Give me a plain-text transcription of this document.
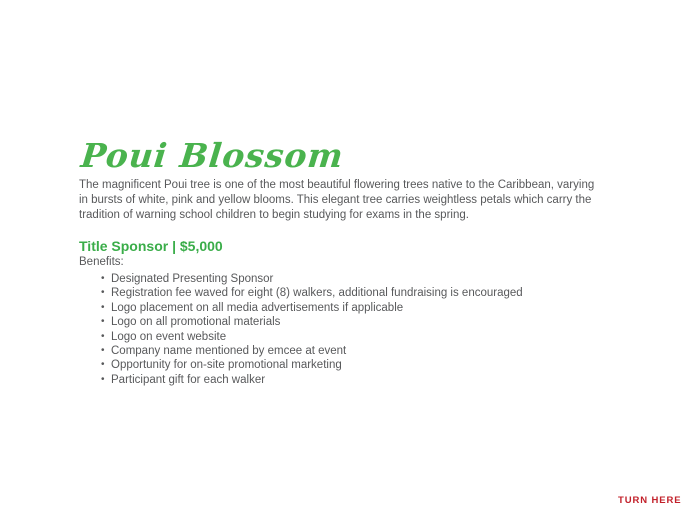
Poui Blossom
The magnificent Poui tree is one of the most beautiful flowering trees native to the Caribbean, varying
in bursts of white, pink and yellow blooms. This elegant tree carries weightless petals which carry the
tradition of warning school children to begin studying for exams in the spring.
Title Sponsor | $5,000
Benefits:
• Designated Presenting Sponsor
• Registration fee waved for eight (8) walkers, additional fundraising is encouraged
• Logo placement on all media advertisements if applicable
• Logo on all promotional materials
• Logo on event website
• Company name mentioned by emcee at event
• Opportunity for on-site promotional marketing
• Participant gift for each walker
TURN HERE
